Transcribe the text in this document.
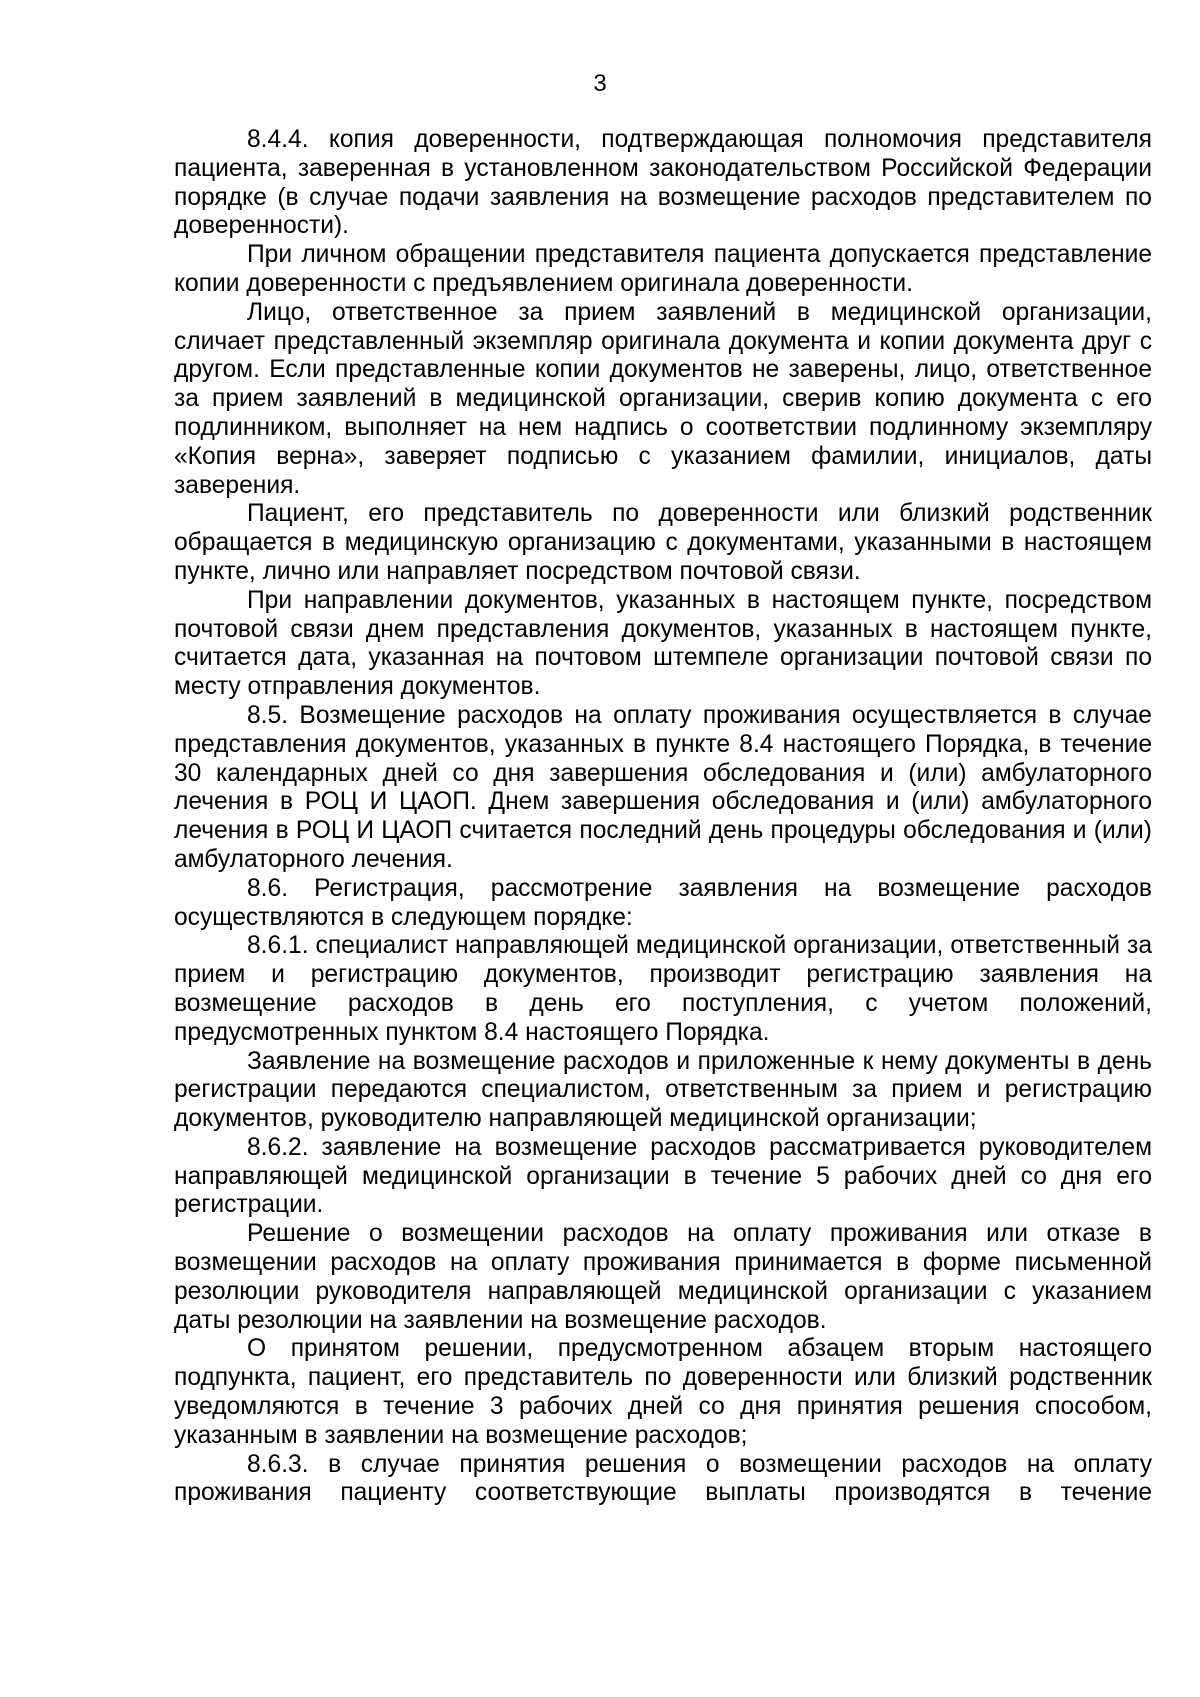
3

8.4.4. копия доверенности, подтверждающая полномочия представителя пациента, заверенная в установленном законодательством Российской Федерации порядке (в случае подачи заявления на возмещение расходов представителем по доверенности).

При личном обращении представителя пациента допускается представление копии доверенности с предъявлением оригинала доверенности.

Лицо, ответственное за прием заявлений в медицинской организации, сличает представленный экземпляр оригинала документа и копии документа друг с другом. Если представленные копии документов не заверены, лицо, ответственное за прием заявлений в медицинской организации, сверив копию документа с его подлинником, выполняет на нем надпись о соответствии подлинному экземпляру «Копия верна», заверяет подписью с указанием фамилии, инициалов, даты заверения.

Пациент, его представитель по доверенности или близкий родственник обращается в медицинскую организацию с документами, указанными в настоящем пункте, лично или направляет посредством почтовой связи.

При направлении документов, указанных в настоящем пункте, посредством почтовой связи днем представления документов, указанных в настоящем пункте, считается дата, указанная на почтовом штемпеле организации почтовой связи по месту отправления документов.

8.5. Возмещение расходов на оплату проживания осуществляется в случае представления документов, указанных в пункте 8.4 настоящего Порядка, в течение 30 календарных дней со дня завершения обследования и (или) амбулаторного лечения в РОЦ И ЦАОП. Днем завершения обследования и (или) амбулаторного лечения в РОЦ И ЦАОП считается последний день процедуры обследования и (или) амбулаторного лечения.

8.6. Регистрация, рассмотрение заявления на возмещение расходов осуществляются в следующем порядке:

8.6.1. специалист направляющей медицинской организации, ответственный за прием и регистрацию документов, производит регистрацию заявления на возмещение расходов в день его поступления, с учетом положений, предусмотренных пунктом 8.4 настоящего Порядка.

Заявление на возмещение расходов и приложенные к нему документы в день регистрации передаются специалистом, ответственным за прием и регистрацию документов, руководителю направляющей медицинской организации;

8.6.2. заявление на возмещение расходов рассматривается руководителем направляющей медицинской организации в течение 5 рабочих дней со дня его регистрации.

Решение о возмещении расходов на оплату проживания или отказе в возмещении расходов на оплату проживания принимается в форме письменной резолюции руководителя направляющей медицинской организации с указанием даты резолюции на заявлении на возмещение расходов.

О принятом решении, предусмотренном абзацем вторым настоящего подпункта, пациент, его представитель по доверенности или близкий родственник уведомляются в течение 3 рабочих дней со дня принятия решения способом, указанным в заявлении на возмещение расходов;

8.6.3. в случае принятия решения о возмещении расходов на оплату проживания пациенту соответствующие выплаты производятся в течение
